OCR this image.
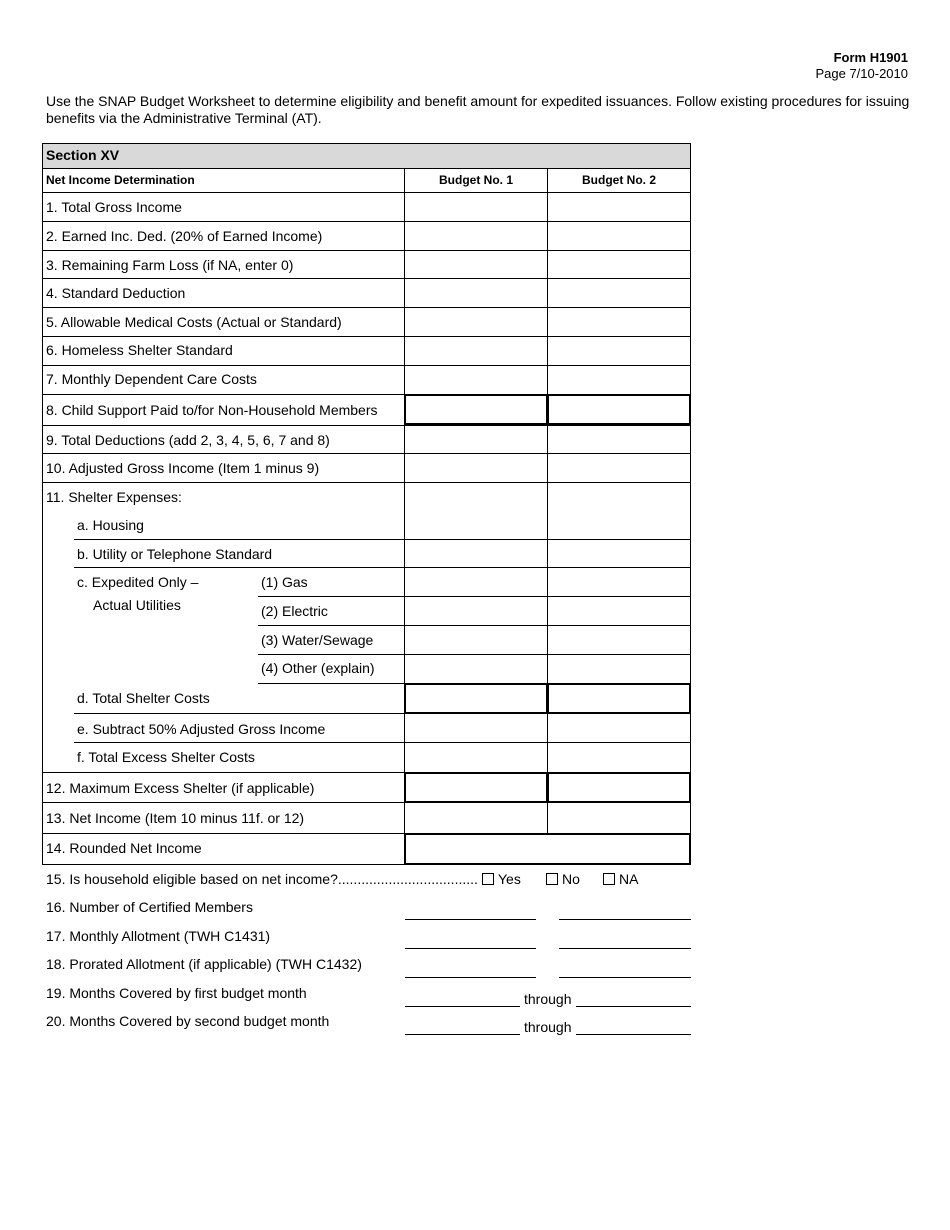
Form H1901
Page 7/10-2010
Use the SNAP Budget Worksheet to determine eligibility and benefit amount for expedited issuances. Follow existing procedures for issuing benefits via the Administrative Terminal (AT).
Section XV
Net Income Determination	Budget No. 1	Budget No. 2
1. Total Gross Income
2. Earned Inc. Ded. (20% of Earned Income)
3. Remaining Farm Loss (if NA, enter 0)
4. Standard Deduction
5. Allowable Medical Costs (Actual or Standard)
6. Homeless Shelter Standard
7. Monthly Dependent Care Costs
8. Child Support Paid to/for Non-Household Members
9. Total Deductions (add 2, 3, 4, 5, 6, 7 and 8)
10. Adjusted Gross Income (Item 1 minus 9)
11. Shelter Expenses:
a. Housing
b. Utility or Telephone Standard
c. Expedited Only –
Actual Utilities
(1) Gas
(2) Electric
(3) Water/Sewage
(4) Other (explain)
d. Total Shelter Costs
e. Subtract 50% Adjusted Gross Income
f. Total Excess Shelter Costs
12. Maximum Excess Shelter (if applicable)
13. Net Income (Item 10 minus 11f. or 12)
14. Rounded Net Income
15. Is household eligible based on net income?....................................	Yes	No	NA
16. Number of Certified Members
17. Monthly Allotment (TWH C1431)
18. Prorated Allotment (if applicable) (TWH C1432)
19. Months Covered by first budget month	through
20. Months Covered by second budget month	through
